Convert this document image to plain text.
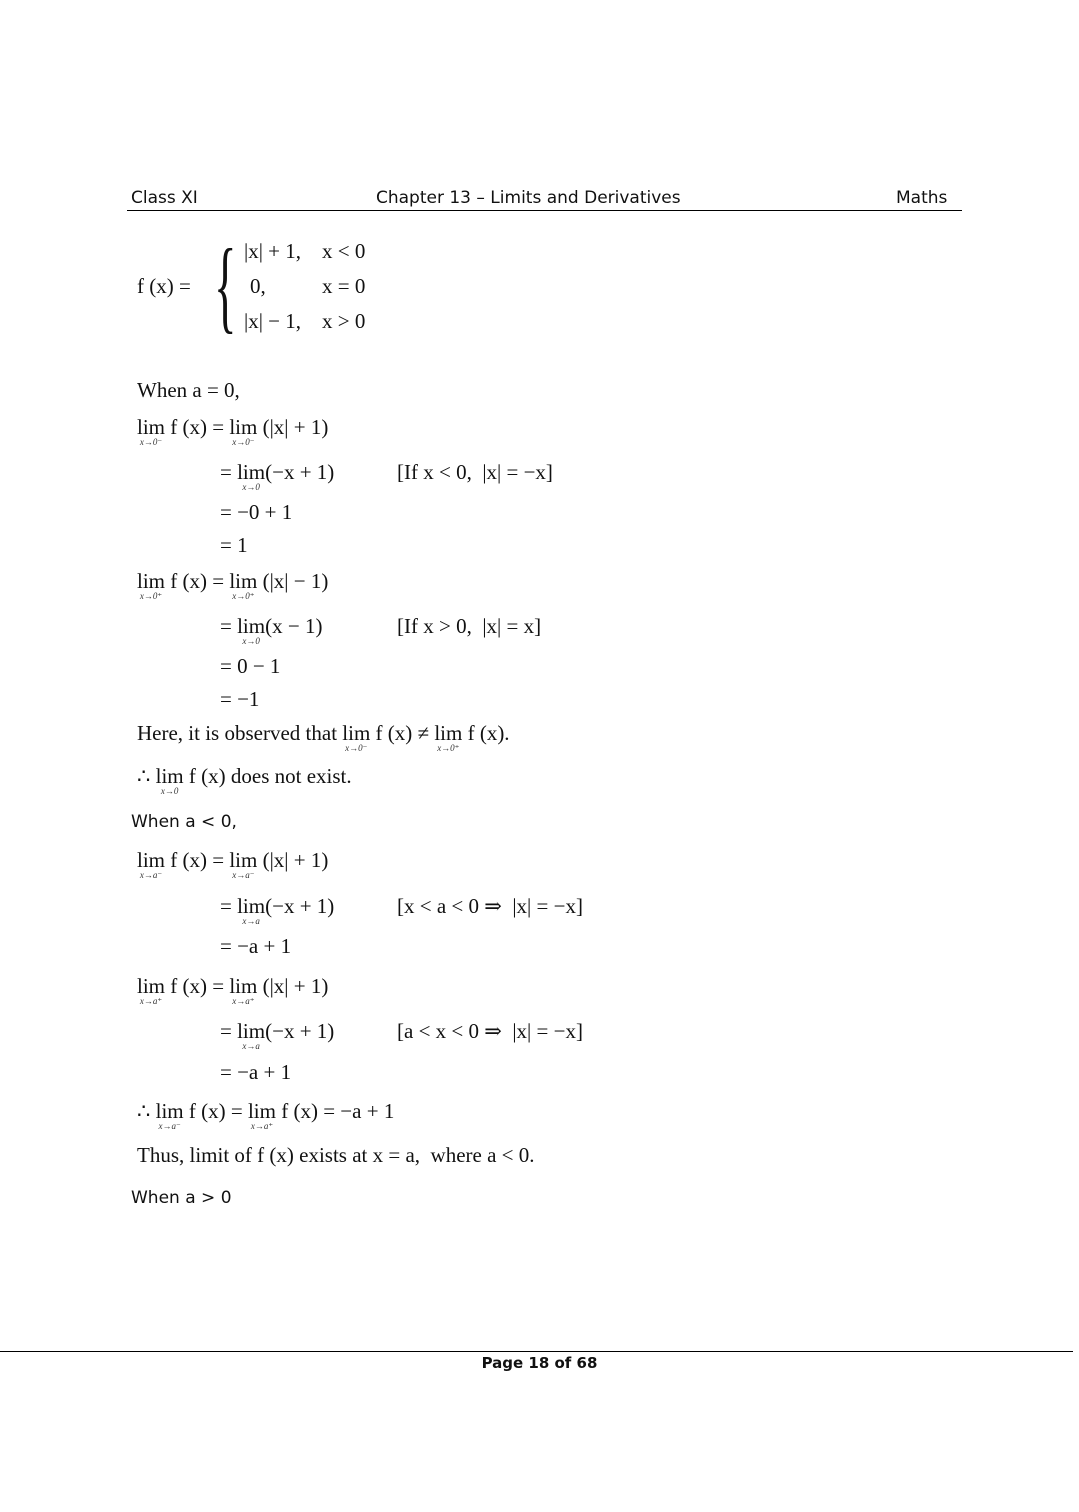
Class XI	Chapter 13 – Limits and Derivatives	Maths
f (x) = { |x| + 1, x < 0
0,	x = 0
|x| − 1, x > 0
When a = 0,
lim
x→0⁻
f (x) = lim
x→0⁻
(|x| + 1)
= lim
x→0
(−x + 1)	[If x < 0,  |x| = −x]
= −0 + 1
= 1
lim
x→0⁺
f (x) = lim
x→0⁺
(|x| − 1)
= lim
x→0
(x − 1)	[If x > 0,  |x| = x]
= 0 − 1
= −1
Here, it is observed that lim
x→0⁻
f (x) ≠ lim
x→0⁺
f (x).
∴ lim
x→0
f (x) does not exist.
lim
x→a⁻
f (x) = lim
x→a⁻
(|x| + 1)
= lim
x→a
(−x + 1)	[x < a < 0 ⇒  |x| = −x]
= −a + 1
lim
x→a⁺
f (x) = lim
x→a⁺
(|x| + 1)
= lim
x→a
(−x + 1)	[a < x < 0 ⇒  |x| = −x]
= −a + 1
∴ lim
x→a⁻
f (x) = lim
x→a⁺
f (x) = −a + 1
Thus, limit of f (x) exists at x = a,  where a < 0.
When a < 0,
When a > 0
Page 18 of 68
